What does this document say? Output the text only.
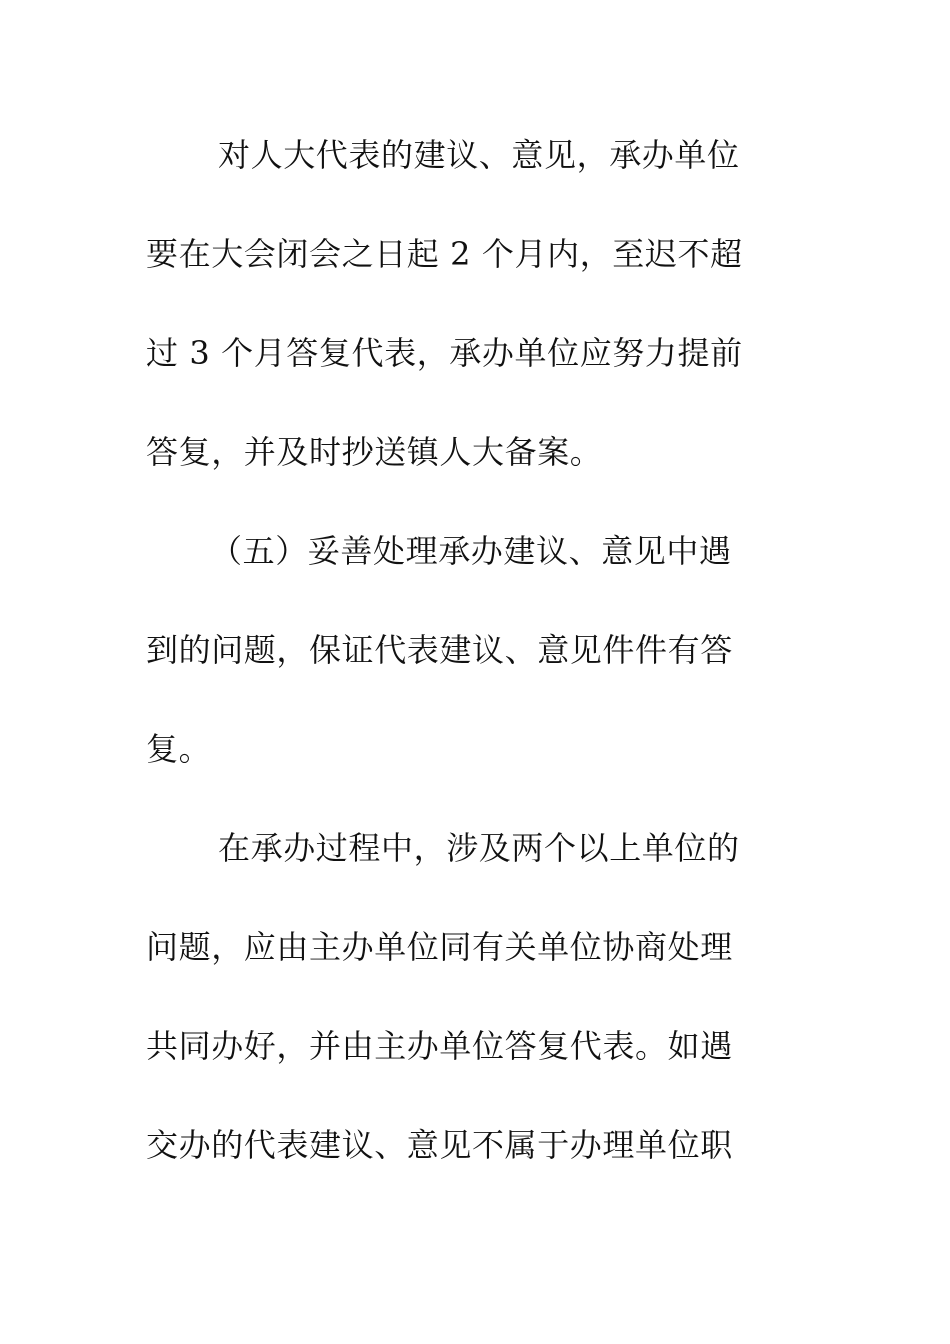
对人大代表的建议、意见，承办单位
要在大会闭会之日起 2 个月内，至迟不超
过 3 个月答复代表，承办单位应努力提前
答复，并及时抄送镇人大备案。
（五）妥善处理承办建议、意见中遇
到的问题，保证代表建议、意见件件有答
复。
在承办过程中，涉及两个以上单位的
问题，应由主办单位同有关单位协商处理
共同办好，并由主办单位答复代表。如遇
交办的代表建议、意见不属于办理单位职
